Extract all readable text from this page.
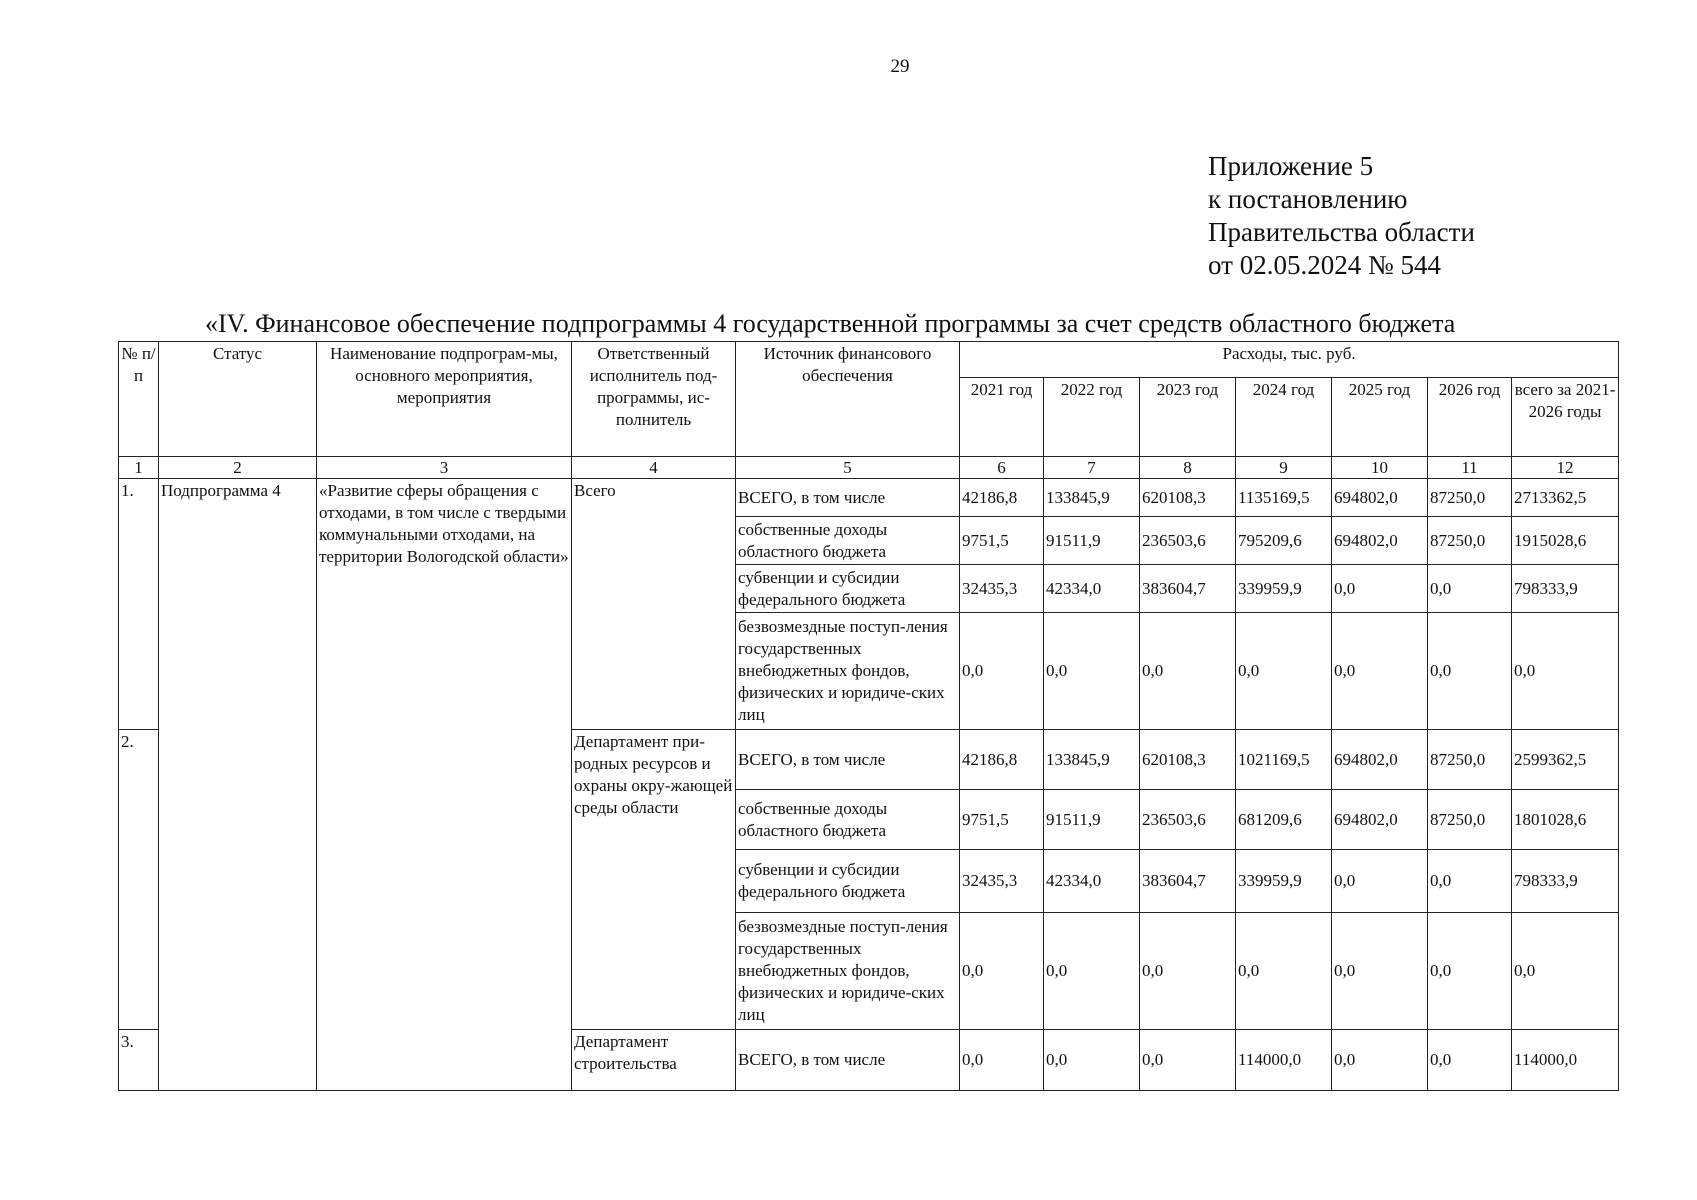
29
Приложение 5
к постановлению
Правительства области
от 02.05.2024 № 544
«IV. Финансовое обеспечение подпрограммы 4 государственной программы за счет средств областного бюджета
№ п/п	Статус	Наименование подпрограм-мы, основного мероприятия, мероприятия	Ответственный исполнитель под-программы, ис-полнитель	Источник финансового обеспечения	Расходы, тыс. руб.						
					2021 год	2022 год	2023 год	2024 год	2025 год	2026 год	всего за 2021-2026 годы
1	2	3	4	5	6	7	8	9	10	11	12
1.	Подпрограмма 4	«Развитие сферы обращения с отходами, в том числе с твердыми коммунальными отходами, на территории Вологодской области»	Всего	ВСЕГО, в том числе	42186,8	133845,9	620108,3	1135169,5	694802,0	87250,0	2713362,5
				собственные доходы областного бюджета	9751,5	91511,9	236503,6	795209,6	694802,0	87250,0	1915028,6
				субвенции и субсидии федерального бюджета	32435,3	42334,0	383604,7	339959,9	0,0	0,0	798333,9
				безвозмездные поступ-ления государственных внебюджетных фондов, физических и юридиче-ских лиц	0,0	0,0	0,0	0,0	0,0	0,0	0,0
2.			Департамент при-родных ресурсов и охраны окру-жающей среды области	ВСЕГО, в том числе	42186,8	133845,9	620108,3	1021169,5	694802,0	87250,0	2599362,5
				собственные доходы областного бюджета	9751,5	91511,9	236503,6	681209,6	694802,0	87250,0	1801028,6
				субвенции и субсидии федерального бюджета	32435,3	42334,0	383604,7	339959,9	0,0	0,0	798333,9
				безвозмездные поступ-ления государственных внебюджетных фондов, физических и юридиче-ских лиц	0,0	0,0	0,0	0,0	0,0	0,0	0,0
3.			Департамент строительства	ВСЕГО, в том числе	0,0	0,0	0,0	114000,0	0,0	0,0	114000,0
